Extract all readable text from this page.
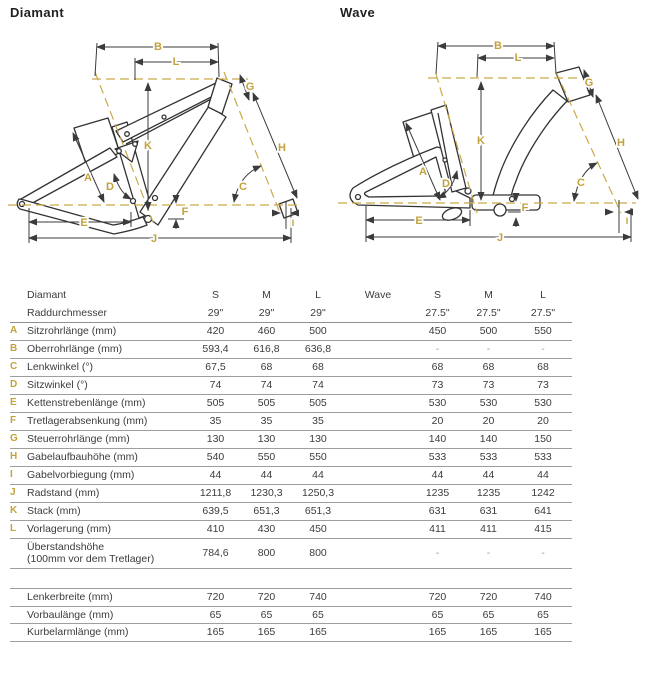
Diamant	Wave
B
L
K
A
D	C
E
F
J
G
H
I
B
L
K
A
D	C
E
F
J
G
H
I
Diamant	S	M	L	Wave	S	M	L
Raddurchmesser	29"	29"	29"	27.5"	27.5"	27.5"
A Sitzrohrlänge (mm)	420	460	500	450	500	550
B Oberrohrlänge (mm)	593,4	616,8	636,8	-	-	-
C Lenkwinkel (°)	67,5	68	68	68	68	68
D Sitzwinkel (°)	74	74	74	73	73	73
E Kettenstrebenlänge (mm)	505	505	505	530	530	530
F	Tretlagerabsenkung (mm)	35	35	35	20	20	20
G Steuerrohrlänge (mm)	130	130	130	140	140	150
H Gabelaufbauhöhe (mm)	540	550	550	533	533	533
I	Gabelvorbiegung (mm)	44	44	44	44	44	44
J	Radstand (mm)	1211,8	1230,3	1250,3	1235	1235	1242
K Stack (mm)	639,5	651,3	651,3	631	631	641
L	Vorlagerung (mm)	410	430	450	411	411	415
Überstandshöhe
(100mm vor dem Tretlager)	784,6	800	800	-	-	-
Lenkerbreite (mm)	720	720	740	720	720	740
Vorbaulänge (mm)	65	65	65	65	65	65
Kurbelarmlänge (mm)	165	165	165	165	165	165
